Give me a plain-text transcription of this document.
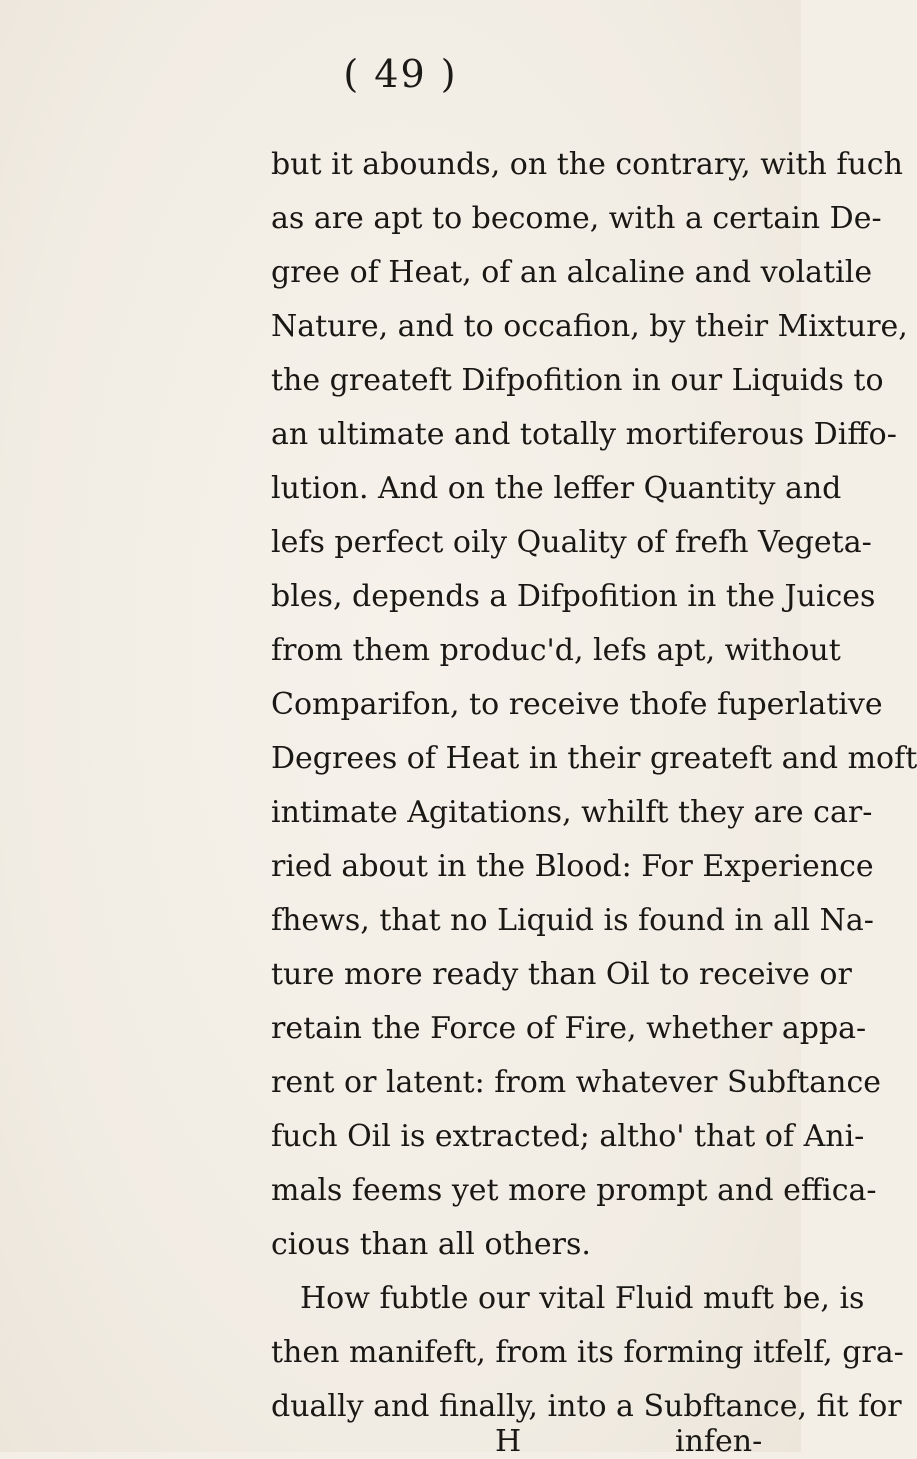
( 49 )
but it abounds, on the contrary, with fuch
as are apt to become, with a certain De-
gree of Heat, of an alcaline and volatile
Nature, and to occafion, by their Mixture,
the greateft Difpofition in our Liquids to
an ultimate and totally mortiferous Diffo-
lution. And on the leffer Quantity and
lefs perfect oily Quality of frefh Vegeta-
bles, depends a Difpofition in the Juices
from them produc'd, lefs apt, without
Comparifon, to receive thofe fuperlative
Degrees of Heat in their greateft and moft
intimate Agitations, whilft they are car-
ried about in the Blood: For Experience
fhews, that no Liquid is found in all Na-
ture more ready than Oil to receive or
retain the Force of Fire, whether appa-
rent or latent: from whatever Subftance
fuch Oil is extracted; altho' that of Ani-
mals feems yet more prompt and effica-
cious than all others.
How fubtle our vital Fluid muft be, is
then manifeft, from its forming itfelf, gra-
dually and finally, into a Subftance, fit for
H	infen-
